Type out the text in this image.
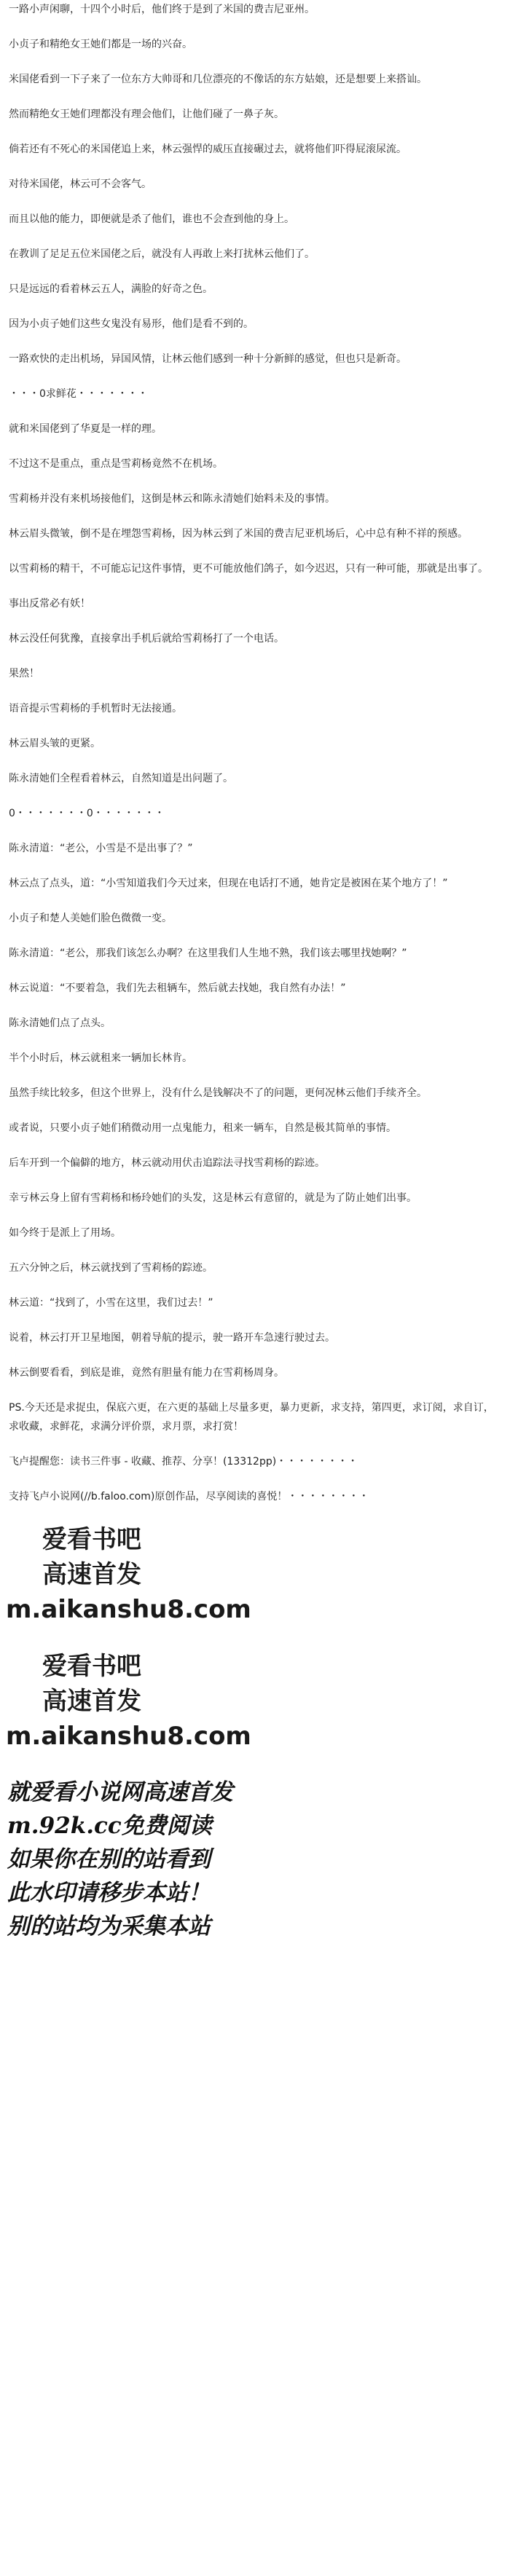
一路小声闲聊，十四个小时后，他们终于是到了米国的费吉尼亚州。
小贞子和精绝女王她们都是一场的兴奋。
米国佬看到一下子来了一位东方大帅哥和几位漂亮的不像话的东方姑娘，还是想要上来搭讪。
然而精绝女王她们理都没有理会他们，让他们碰了一鼻子灰。
倘若还有不死心的米国佬追上来，林云强悍的威压直接碾过去，就将他们吓得屁滚尿流。
对待米国佬，林云可不会客气。
而且以他的能力，即便就是杀了他们，谁也不会查到他的身上。
在教训了足足五位米国佬之后，就没有人再敢上来打扰林云他们了。
只是远远的看着林云五人，满脸的好奇之色。
因为小贞子她们这些女鬼没有易形，他们是看不到的。
一路欢快的走出机场，异国风情，让林云他们感到一种十分新鲜的感觉，但也只是新奇。
・・・0求鲜花・・・・・・・
就和米国佬到了华夏是一样的理。
不过这不是重点，重点是雪莉杨竟然不在机场。
雪莉杨并没有来机场接他们，这倒是林云和陈永清她们始料未及的事情。
林云眉头微皱，倒不是在埋怨雪莉杨，因为林云到了米国的费吉尼亚机场后，心中总有种不祥的预感。
以雪莉杨的精干，不可能忘记这件事情，更不可能放他们鸽子，如今迟迟，只有一种可能，那就是出事了。
事出反常必有妖！
林云没任何犹豫，直接拿出手机后就给雪莉杨打了一个电话。
果然！
语音提示雪莉杨的手机暂时无法接通。
林云眉头皱的更紧。
陈永清她们全程看着林云，自然知道是出问题了。
0・・・・・・・0・・・・・・・
陈永清道：“老公，小雪是不是出事了？”
林云点了点头，道：“小雪知道我们今天过来，但现在电话打不通，她肯定是被困在某个地方了！”
小贞子和楚人美她们脸色微微一变。
陈永清道：“老公，那我们该怎么办啊？在这里我们人生地不熟，我们该去哪里找她啊？”
林云说道：“不要着急，我们先去租辆车，然后就去找她，我自然有办法！”
陈永清她们点了点头。
半个小时后，林云就租来一辆加长林肯。
虽然手续比较多，但这个世界上，没有什么是钱解决不了的问题，更何况林云他们手续齐全。
或者说，只要小贞子她们稍微动用一点鬼能力，租来一辆车，自然是极其简单的事情。
后车开到一个偏僻的地方，林云就动用伏击追踪法寻找雪莉杨的踪迹。
幸亏林云身上留有雪莉杨和杨玲她们的头发，这是林云有意留的，就是为了防止她们出事。
如今终于是派上了用场。
五六分钟之后，林云就找到了雪莉杨的踪迹。
林云道：“找到了，小雪在这里，我们过去！”
说着，林云打开卫星地图，朝着导航的提示，驶一路开车急速行驶过去。
林云倒要看看，到底是谁，竟然有胆量有能力在雪莉杨周身。
PS.今天还是求捉虫，保底六更，在六更的基础上尽量多更，暴力更新，求支持，第四更，求订阅，求自订，求收藏，求鲜花，求满分评价票，求月票，求打赏！
飞卢提醒您：读书三件事 - 收藏、推荐、分享！(13312pp)・・・・・・・・
支持飞卢小说网(//b.faloo.com)原创作品，尽享阅读的喜悦！・・・・・・・・
爱看书吧
高速首发
m.aikanshu8.com
爱看书吧
高速首发
m.aikanshu8.com
就爱看小说网高速首发
m.92k.cc免费阅读
如果你在别的站看到
此水印请移步本站！
别的站均为采集本站
